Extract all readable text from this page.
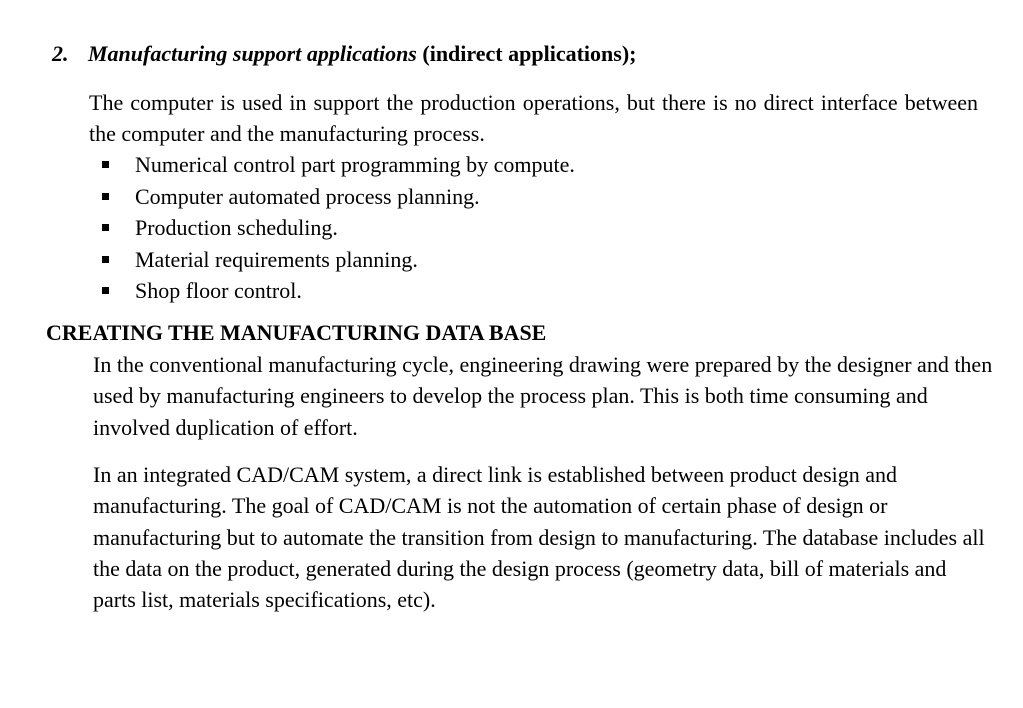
2. Manufacturing support applications (indirect applications);

The computer is used in support the production operations, but there is no direct interface between the computer and the manufacturing process.

Numerical control part programming by compute.
Computer automated process planning.
Production scheduling.
Material requirements planning.
Shop floor control.
CREATING THE MANUFACTURING DATA BASE

In the conventional manufacturing cycle, engineering drawing were prepared by the designer and then used by manufacturing engineers to develop the process plan. This is both time consuming and involved duplication of effort.

In an integrated CAD/CAM system, a direct link is established between product design and manufacturing. The goal of CAD/CAM is not the automation of certain phase of design or manufacturing but to automate the transition from design to manufacturing. The database includes all the data on the product, generated during the design process (geometry data, bill of materials and parts list, materials specifications, etc).
